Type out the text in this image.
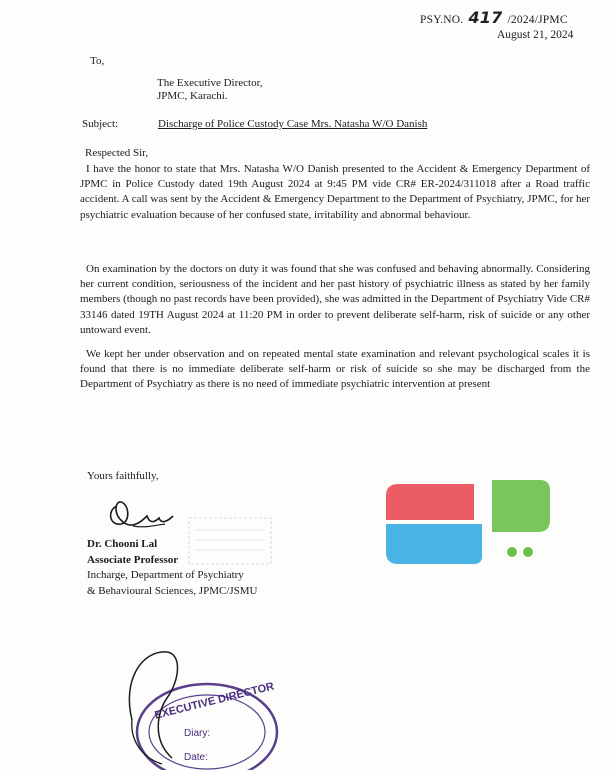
PSY.NO. 417 /2024/JPMC
August 21, 2024
To,
The Executive Director,
JPMC, Karachi.
Subject:	Discharge of Police Custody Case Mrs. Natasha W/O Danish
Respected Sir,
I have the honor to state that Mrs. Natasha W/O Danish presented to the Accident & Emergency Department of JPMC in Police Custody dated 19th August 2024 at 9:45 PM vide CR# ER-2024/311018 after a Road traffic accident. A call was sent by the Accident & Emergency Department to the Department of Psychiatry, JPMC, for her psychiatric evaluation because of her confused state, irritability and abnormal behaviour.
On examination by the doctors on duty it was found that she was confused and behaving abnormally. Considering her current condition, seriousness of the incident and her past history of psychiatric illness as stated by her family members (though no past records have been provided), she was admitted in the Department of Psychiatry Vide CR# 33146 dated 19TH August 2024 at 11:20 PM in order to prevent deliberate self-harm, risk of suicide or any other untoward event.
We kept her under observation and on repeated mental state examination and relevant psychological scales it is found that there is no immediate deliberate self-harm or risk of suicide so she may be discharged from the Department of Psychiatry as there is no need of immediate psychiatric intervention at present
Yours faithfully,
Dr. Chooni Lal
Associate Professor
Incharge, Department of Psychiatry
& Behavioural Sciences, JPMC/JSMU
EXECUTIVE DIRECTOR
Diary:
Date:
